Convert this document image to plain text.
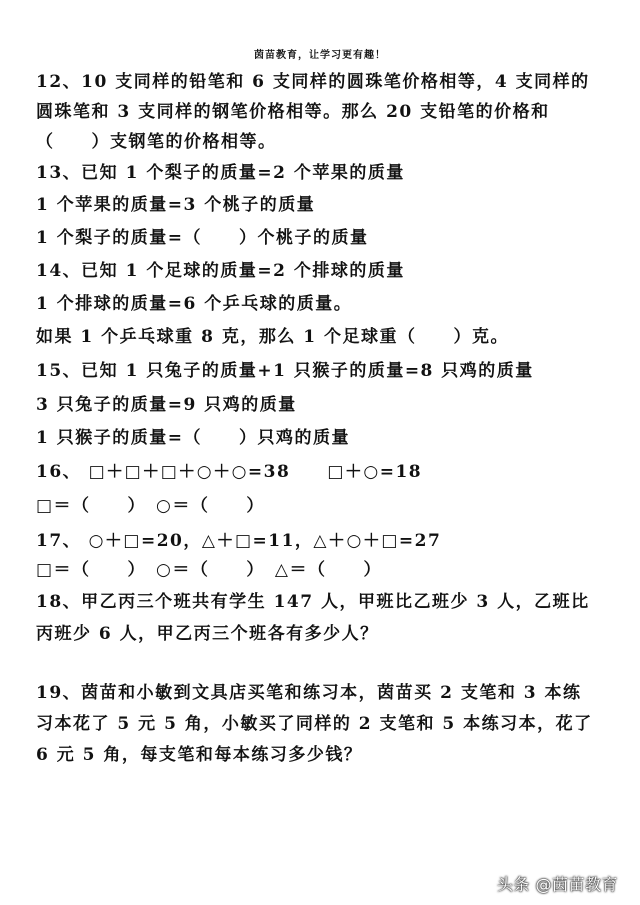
茵苗教育，让学习更有趣！
12、10 支同样的铅笔和 6 支同样的圆珠笔价格相等，4 支同样的
圆珠笔和 3 支同样的钢笔价格相等。那么 20 支铅笔的价格和
（　　）支钢笔的价格相等。
13、已知 1 个梨子的质量=2 个苹果的质量
1 个苹果的质量=3 个桃子的质量
1 个梨子的质量=（　　）个桃子的质量
14、已知 1 个足球的质量=2 个排球的质量
1 个排球的质量=6 个乒乓球的质量。
如果 1 个乒乓球重 8 克，那么 1 个足球重（　　）克。
15、已知 1 只兔子的质量+1 只猴子的质量=8 只鸡的质量
3 只兔子的质量=9 只鸡的质量
1 只猴子的质量=（　　）只鸡的质量
16、 □＋□＋□＋○＋○=38　　□＋○=18
□＝（　　）　○＝（　　）
17、 ○＋□=20，△＋□=11，△＋○＋□=27
□＝（　　）　○＝（　　）　△＝（　　）
18、甲乙丙三个班共有学生 147 人，甲班比乙班少 3 人，乙班比
丙班少 6 人，甲乙丙三个班各有多少人？
19、茵苗和小敏到文具店买笔和练习本，茵苗买 2 支笔和 3 本练
习本花了 5 元 5 角，小敏买了同样的 2 支笔和 5 本练习本，花了
6 元 5 角，每支笔和每本练习多少钱？
头条 @茵苗教育
